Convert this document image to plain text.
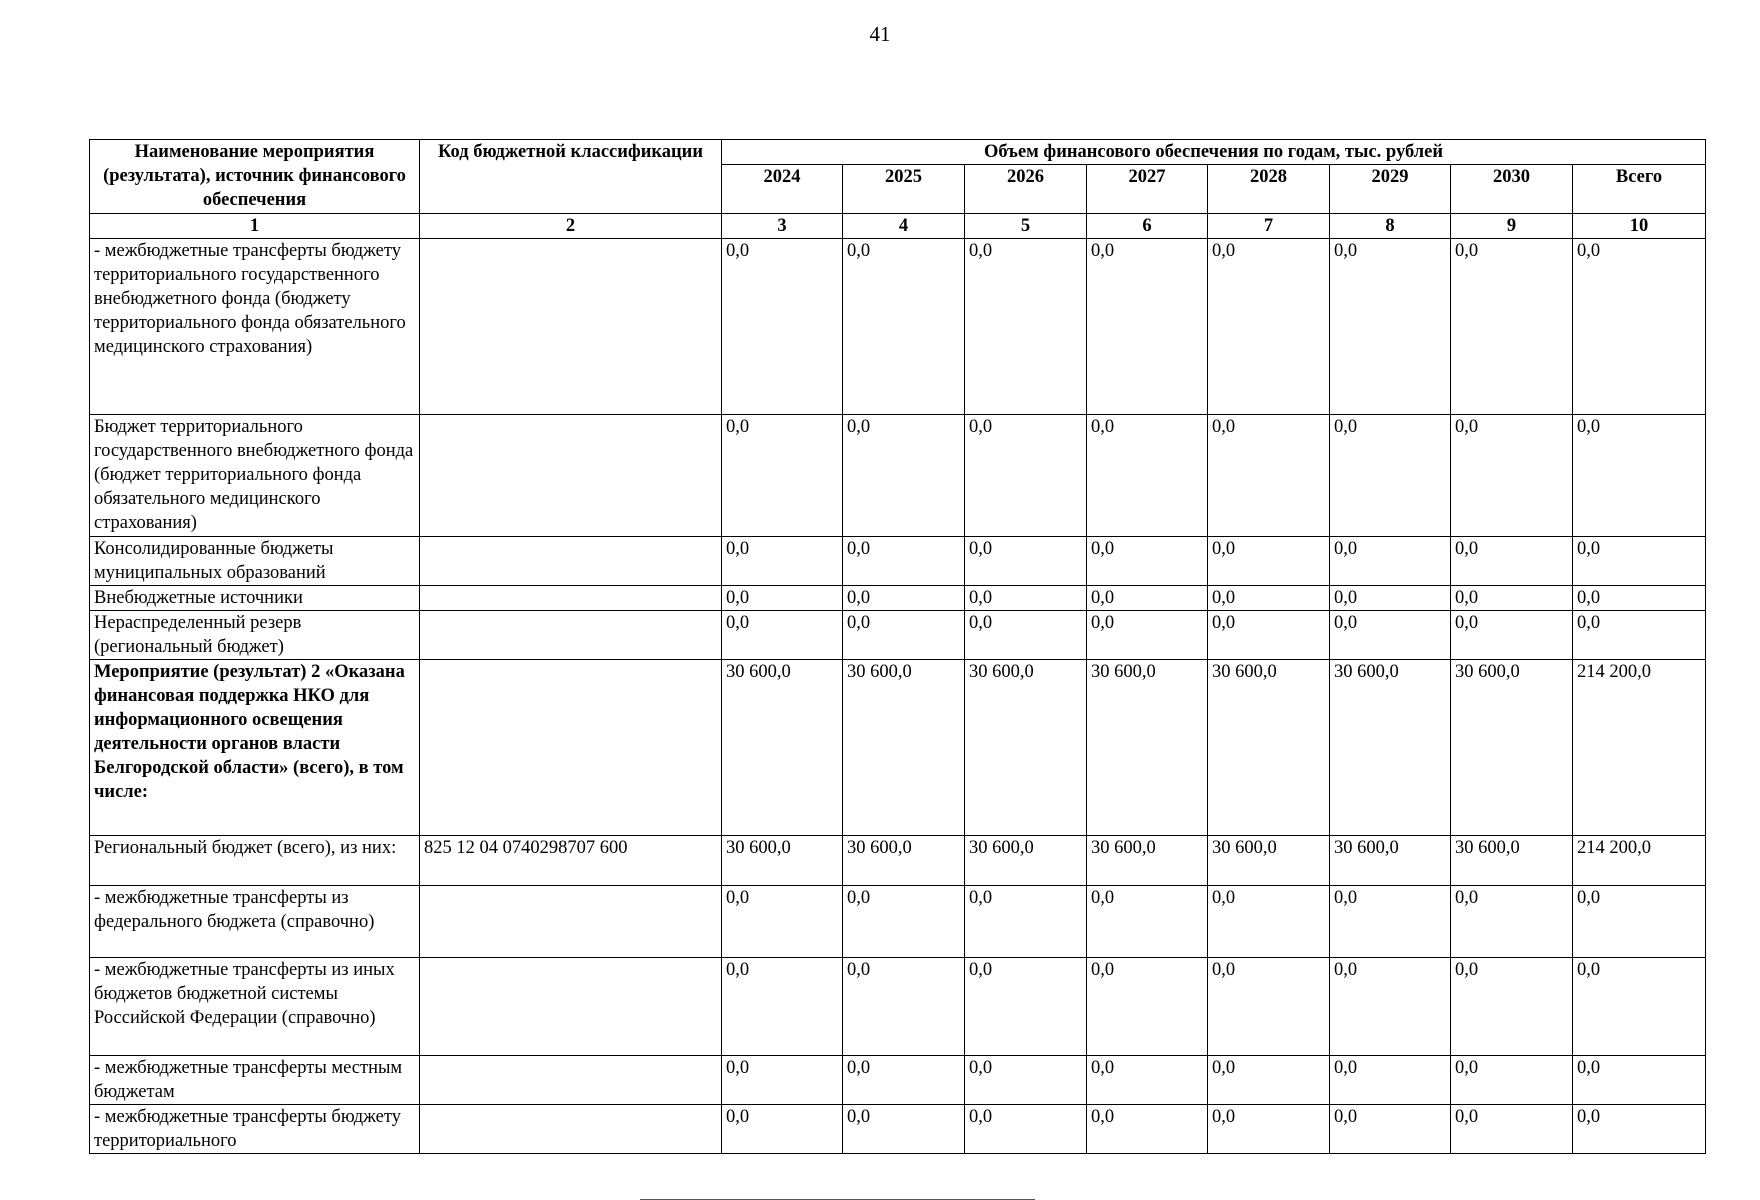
41
Наименование мероприятия (результата), источник финансового обеспечения	Код бюджетной классификации	Объем финансового обеспечения по годам, тыс. рублей							
		2024	2025	2026	2027	2028	2029	2030	Всего
1	2	3	4	5	6	7	8	9	10
- межбюджетные трансферты бюджету территориального государственного внебюджетного фонда (бюджету территориального фонда обязательного медицинского страхования)		0,0	0,0	0,0	0,0	0,0	0,0	0,0	0,0
Бюджет территориального государственного внебюджетного фонда (бюджет территориального фонда обязательного медицинского страхования)		0,0	0,0	0,0	0,0	0,0	0,0	0,0	0,0
Консолидированные бюджеты муниципальных образований		0,0	0,0	0,0	0,0	0,0	0,0	0,0	0,0
Внебюджетные источники		0,0	0,0	0,0	0,0	0,0	0,0	0,0	0,0
Нераспределенный резерв (региональный бюджет)		0,0	0,0	0,0	0,0	0,0	0,0	0,0	0,0
Мероприятие (результат) 2 «Оказана финансовая поддержка НКО для информационного освещения деятельности органов власти Белгородской области» (всего), в том числе:		30 600,0	30 600,0	30 600,0	30 600,0	30 600,0	30 600,0	30 600,0	214 200,0
Региональный бюджет (всего), из них:	825 12 04 0740298707 600	30 600,0	30 600,0	30 600,0	30 600,0	30 600,0	30 600,0	30 600,0	214 200,0
- межбюджетные трансферты из федерального бюджета (справочно)		0,0	0,0	0,0	0,0	0,0	0,0	0,0	0,0
- межбюджетные трансферты из иных бюджетов бюджетной системы Российской Федерации (справочно)		0,0	0,0	0,0	0,0	0,0	0,0	0,0	0,0
- межбюджетные трансферты местным бюджетам		0,0	0,0	0,0	0,0	0,0	0,0	0,0	0,0
- межбюджетные трансферты бюджету территориального		0,0	0,0	0,0	0,0	0,0	0,0	0,0	0,0
